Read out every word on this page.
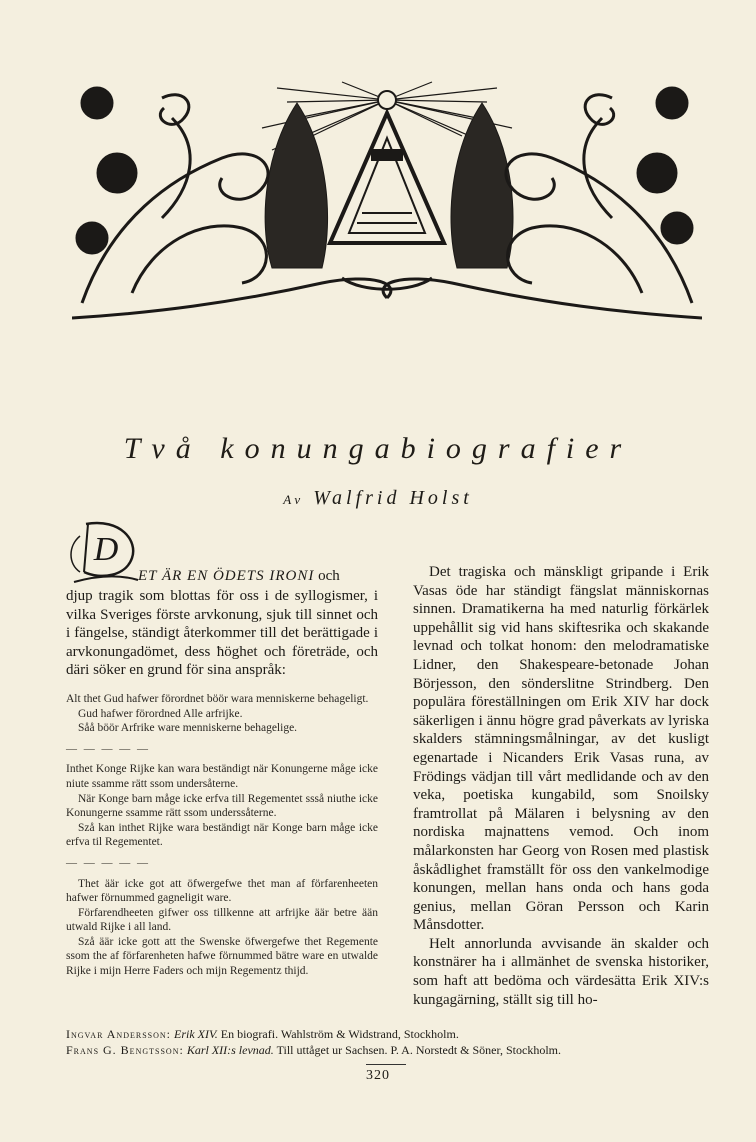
Två konungabiografier
Av Walfrid Holst
D
ET ÄR EN ÖDETS IRONI och

djup tragik som blottas för oss i de syllogismer, i vilka Sveriges förste arvkonung, sjuk till sinnet och i fängelse, ständigt återkommer till det berättigade i arvkonungadömet, dess ħöghet och företräde, och däri söker en grund för sina anspråk:

Alt thet Gud hafwer förordnet böör wara menniskerne behageligt.

Gud hafwer förordned Alle arfrijke.

Såå böör Arfrike ware menniskerne behagelige.

— — — — —

Inthet Konge Rijke kan wara beständigt när Konungerne måge icke niute ssamme rätt ssom undersåterne.

När Konge barn måge icke erfva till Regementet ssså niuthe icke Konungerne ssamme rätt ssom underssåterne.

Szå kan inthet Rijke wara beständigt när Konge barn måge icke erfva til Regementet.

— — — — —

Thet äär icke got att öfwergefwe thet man af förfarenheeten hafwer förnummed gagneligit ware.

Förfarendheeten gifwer oss tillkenne att arfrijke äär betre ään utwald Rijke i all land.

Szå äär icke gott att the Swenske öfwergefwe thet Regemente ssom the af förfarenheten hafwe förnummed bätre ware en utwalde Rijke i mijn Herre Faders och mijn Regementz thijd.

Det tragiska och mänskligt gripande i Erik Vasas öde har ständigt fängslat människornas sinnen. Dramatikerna ha med naturlig förkärlek uppehållit sig vid hans skiftesrika och skakande levnad och tolkat honom: den melodramatiske Lidner, den Shakespeare-betonade Johan Börjesson, den sönderslitne Strindberg. Den populära föreställningen om Erik XIV har dock säkerligen i ännu högre grad påverkats av lyriska skalders stämningsmålningar, av det kusligt egenartade i Nicanders Erik Vasas runa, av Frödings vädjan till vårt medlidande och av den veka, poetiska kungabild, som Snoilsky framtrollat på Mälaren i belysning av den nordiska majnattens vemod. Och inom målarkonsten har Georg von Rosen med plastisk åskådlighet framställt för oss den vankelmodige konungen, mellan hans onda och hans goda genius, mellan Göran Persson och Karin Månsdotter.

Helt annorlunda avvisande än skalder och konstnärer ha i allmänhet de svenska historiker, som haft att bedöma och värdesätta Erik XIV:s kungagärning, ställt sig till ho-

Ingvar Andersson: Erik XIV. En biografi. Wahlström & Widstrand, Stockholm.
Frans G. Bengtsson: Karl XII:s levnad. Till uttåget ur Sachsen. P. A. Norstedt & Söner, Stockholm.
320
